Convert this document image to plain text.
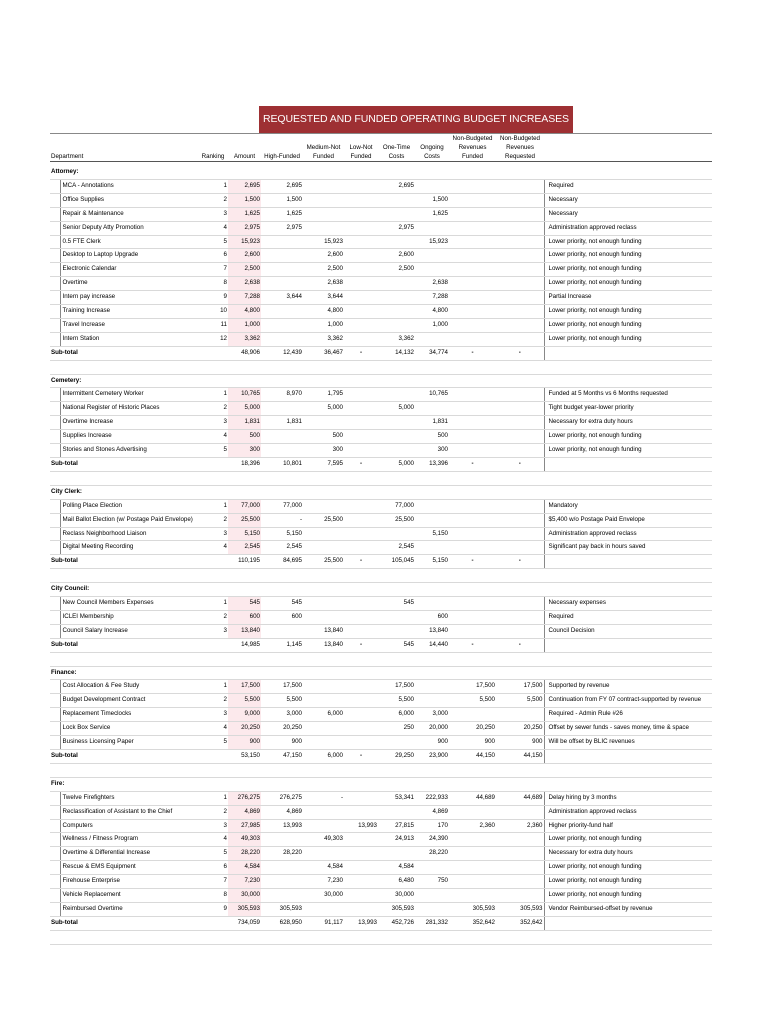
REQUESTED AND FUNDED OPERATING BUDGET INCREASES

Department		Ranking	Amount	High-Funded	Medium-Not Funded	Low-Not Funded	One-Time Costs	Ongoing Costs	Non-Budgeted Revenues Funded	Non-Budgeted Revenues Requested	

Attorney:											
	MCA - Annotations	1	2,695	2,695			2,695				Required
	Office Supplies	2	1,500	1,500				1,500			Necessary
	Repair & Maintenance	3	1,625	1,625				1,625			Necessary
	Senior Deputy Atty Promotion	4	2,975	2,975			2,975				Administration approved reclass
	0.5 FTE Clerk	5	15,923		15,923			15,923			Lower priority, not enough funding
	Desktop to Laptop Upgrade	6	2,600		2,600		2,600				Lower priority, not enough funding
	Electronic Calendar	7	2,500		2,500		2,500				Lower priority, not enough funding
	Overtime	8	2,638		2,638			2,638			Lower priority, not enough funding
	Intern pay increase	9	7,288	3,644	3,644			7,288			Partial Increase
	Training Increase	10	4,800		4,800			4,800			Lower priority, not enough funding
	Travel Increase	11	1,000		1,000			1,000			Lower priority, not enough funding
	Intern Station	12	3,362		3,362		3,362				Lower priority, not enough funding
Sub-total			48,906	12,439	36,467	-	14,132	34,774	-	-	

Cemetery:											
	Intermittent Cemetery Worker	1	10,765	8,970	1,795			10,765			Funded at 5 Months vs 6 Months requested
	National Register of Historic Places	2	5,000		5,000		5,000				Tight budget year-lower priority
	Overtime Increase	3	1,831	1,831				1,831			Necessary for extra duty hours
	Supplies Increase	4	500		500			500			Lower priority, not enough funding
	Stories and Stones Advertising	5	300		300			300			Lower priority, not enough funding
Sub-total			18,396	10,801	7,595	-	5,000	13,396	-	-	

City Clerk:											
	Polling Place Election	1	77,000	77,000			77,000				Mandatory
	Mail Ballot Election (w/ Postage Paid Envelope)	2	25,500	-	25,500		25,500				$5,400 w/o Postage Paid Envelope
	Reclass Neighborhood Liaison	3	5,150	5,150				5,150			Administration approved reclass
	Digital Meeting Recording	4	2,545	2,545			2,545				Significant pay back in hours saved
Sub-total			110,195	84,695	25,500	-	105,045	5,150	-	-	

City Council:											
	New Council Members Expenses	1	545	545			545				Necessary expenses
	ICLEI Membership	2	600	600				600			Required
	Council Salary Increase	3	13,840		13,840			13,840			Council Decision
Sub-total			14,985	1,145	13,840	-	545	14,440	-	-	

Finance:											
	Cost Allocation & Fee Study	1	17,500	17,500			17,500		17,500	17,500	Supported by revenue
	Budget Development Contract	2	5,500	5,500			5,500		5,500	5,500	Continuation from FY 07 contract-supported by revenue
	Replacement Timeclocks	3	9,000	3,000	6,000		6,000	3,000			Required - Admin Rule #26
	Lock Box Service	4	20,250	20,250			250	20,000	20,250	20,250	Offset by sewer funds - saves money, time & space
	Business Licensing Paper	5	900	900				900	900	900	Will be offset by BLIC revenues
Sub-total			53,150	47,150	6,000	-	29,250	23,900	44,150	44,150	

Fire:											
	Twelve Firefighters	1	276,275	276,275	-		53,341	222,933	44,689	44,689	Delay hiring by 3 months
	Reclassification of Assistant to the Chief	2	4,869	4,869				4,869			Administration approved reclass
	Computers	3	27,985	13,993		13,993	27,815	170	2,360	2,360	Higher priority-fund half
	Wellness / Fitness Program	4	49,303		49,303		24,913	24,390			Lower priority, not enough funding
	Overtime & Differential Increase	5	28,220	28,220				28,220			Necessary for extra duty hours
	Rescue & EMS Equipment	6	4,584		4,584		4,584				Lower priority, not enough funding
	Firehouse Enterprise	7	7,230		7,230		6,480	750			Lower priority, not enough funding
	Vehicle Replacement	8	30,000		30,000		30,000				Lower priority, not enough funding
	Reimbursed Overtime	9	305,593	305,593			305,593		305,593	305,593	Vendor Reimbursed-offset by revenue
Sub-total			734,059	628,950	91,117	13,993	452,726	281,332	352,642	352,642	
